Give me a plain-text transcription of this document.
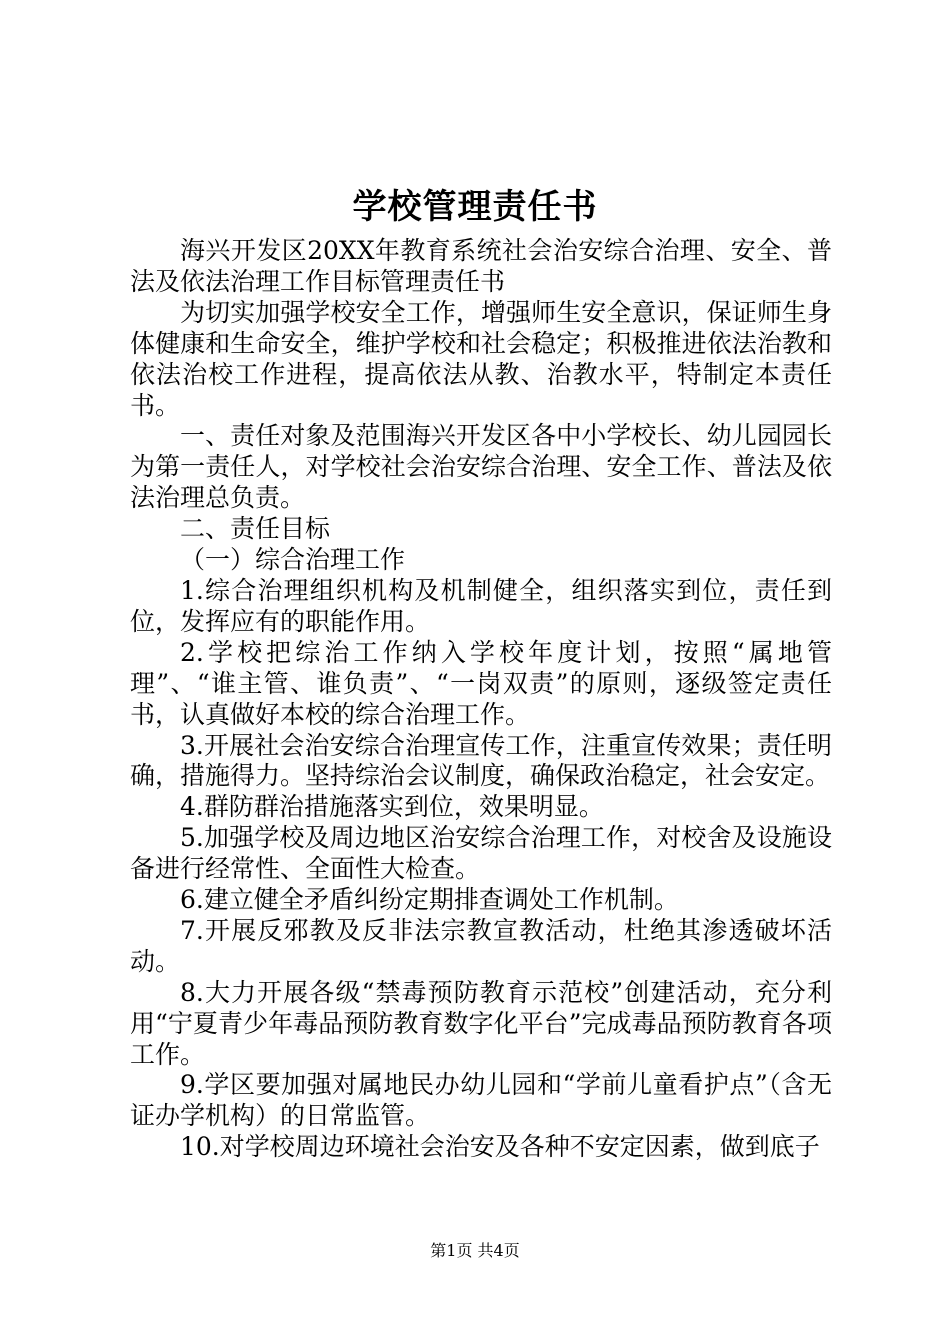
学校管理责任书

海兴开发区20XX年教育系统社会治安综合治理、安全、普法及依法治理工作目标管理责任书

为切实加强学校安全工作，增强师生安全意识，保证师生身体健康和生命安全，维护学校和社会稳定；积极推进依法治教和依法治校工作进程，提高依法从教、治教水平，特制定本责任书。

一、责任对象及范围海兴开发区各中小学校长、幼儿园园长为第一责任人，对学校社会治安综合治理、安全工作、普法及依法治理总负责。

二、责任目标

（一）综合治理工作

1.综合治理组织机构及机制健全，组织落实到位，责任到位，发挥应有的职能作用。

2.学校把综治工作纳入学校年度计划，按照“属地管理”、“谁主管、谁负责”、“一岗双责”的原则，逐级签定责任书，认真做好本校的综合治理工作。

3.开展社会治安综合治理宣传工作，注重宣传效果；责任明确，措施得力。坚持综治会议制度，确保政治稳定，社会安定。

4.群防群治措施落实到位，效果明显。

5.加强学校及周边地区治安综合治理工作，对校舍及设施设备进行经常性、全面性大检查。

6.建立健全矛盾纠纷定期排查调处工作机制。

7.开展反邪教及反非法宗教宣教活动，杜绝其渗透破坏活动。

8.大力开展各级“禁毒预防教育示范校”创建活动，充分利用“宁夏青少年毒品预防教育数字化平台”完成毒品预防教育各项工作。

9.学区要加强对属地民办幼儿园和“学前儿童看护点”（含无证办学机构）的日常监管。

10.对学校周边环境社会治安及各种不安定因素，做到底子

第1页 共4页
